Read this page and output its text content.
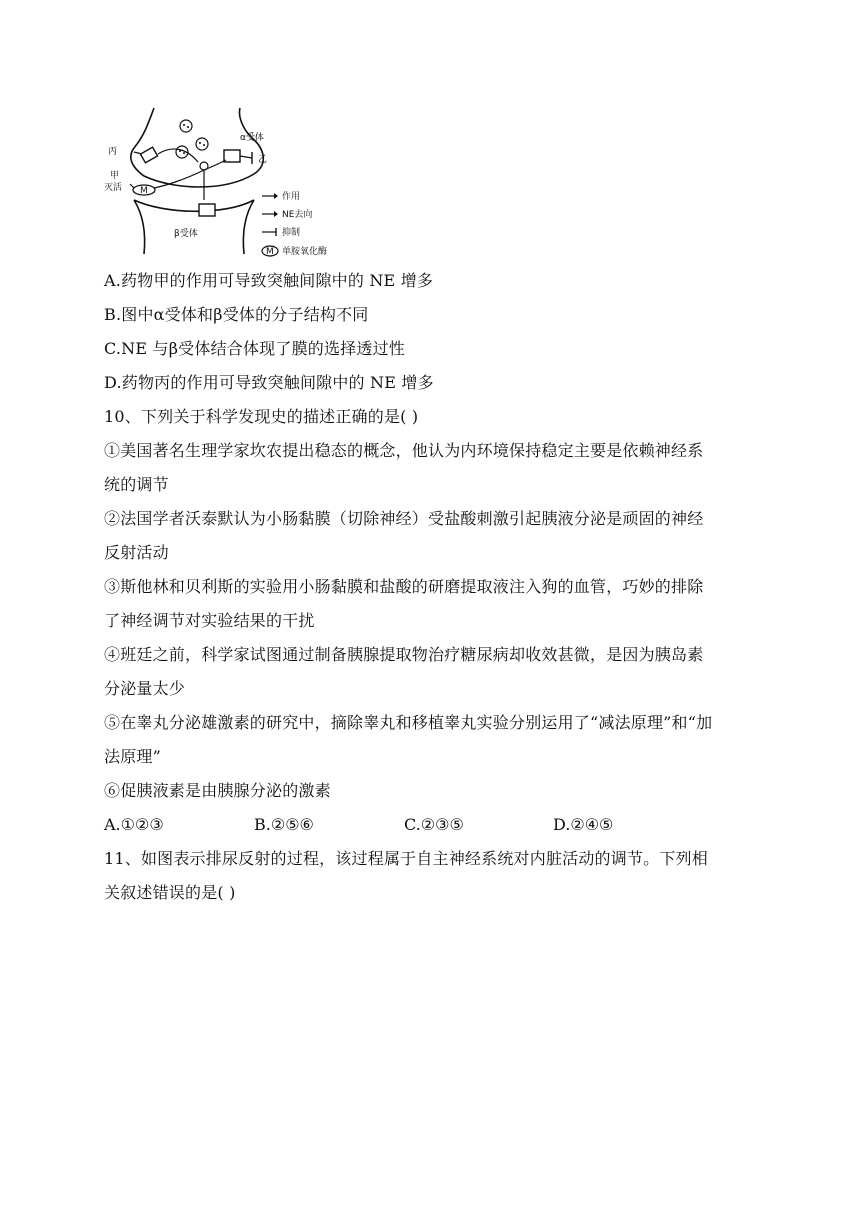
M
丙
甲
灭活
α受体
乙
β受体
作用
NE去向
抑制
M 单胺氧化酶
A.药物甲的作用可导致突触间隙中的 NE 增多
B.图中α受体和β受体的分子结构不同
C.NE 与β受体结合体现了膜的选择透过性
D.药物丙的作用可导致突触间隙中的 NE 增多
10、下列关于科学发现史的描述正确的是( )
①美国著名生理学家坎农提出稳态的概念，他认为内环境保持稳定主要是依赖神经系
统的调节
②法国学者沃泰默认为小肠黏膜（切除神经）受盐酸刺激引起胰液分泌是顽固的神经
反射活动
③斯他林和贝利斯的实验用小肠黏膜和盐酸的研磨提取液注入狗的血管，巧妙的排除
了神经调节对实验结果的干扰
④班廷之前，科学家试图通过制备胰腺提取物治疗糖尿病却收效甚微，是因为胰岛素
分泌量太少
⑤在睾丸分泌雄激素的研究中，摘除睾丸和移植睾丸实验分别运用了“减法原理”和“加
法原理”
⑥促胰液素是由胰腺分泌的激素
A.①②③	B.②⑤⑥	C.②③⑤	D.②④⑤
11、如图表示排尿反射的过程，该过程属于自主神经系统对内脏活动的调节。下列相
关叙述错误的是( )
